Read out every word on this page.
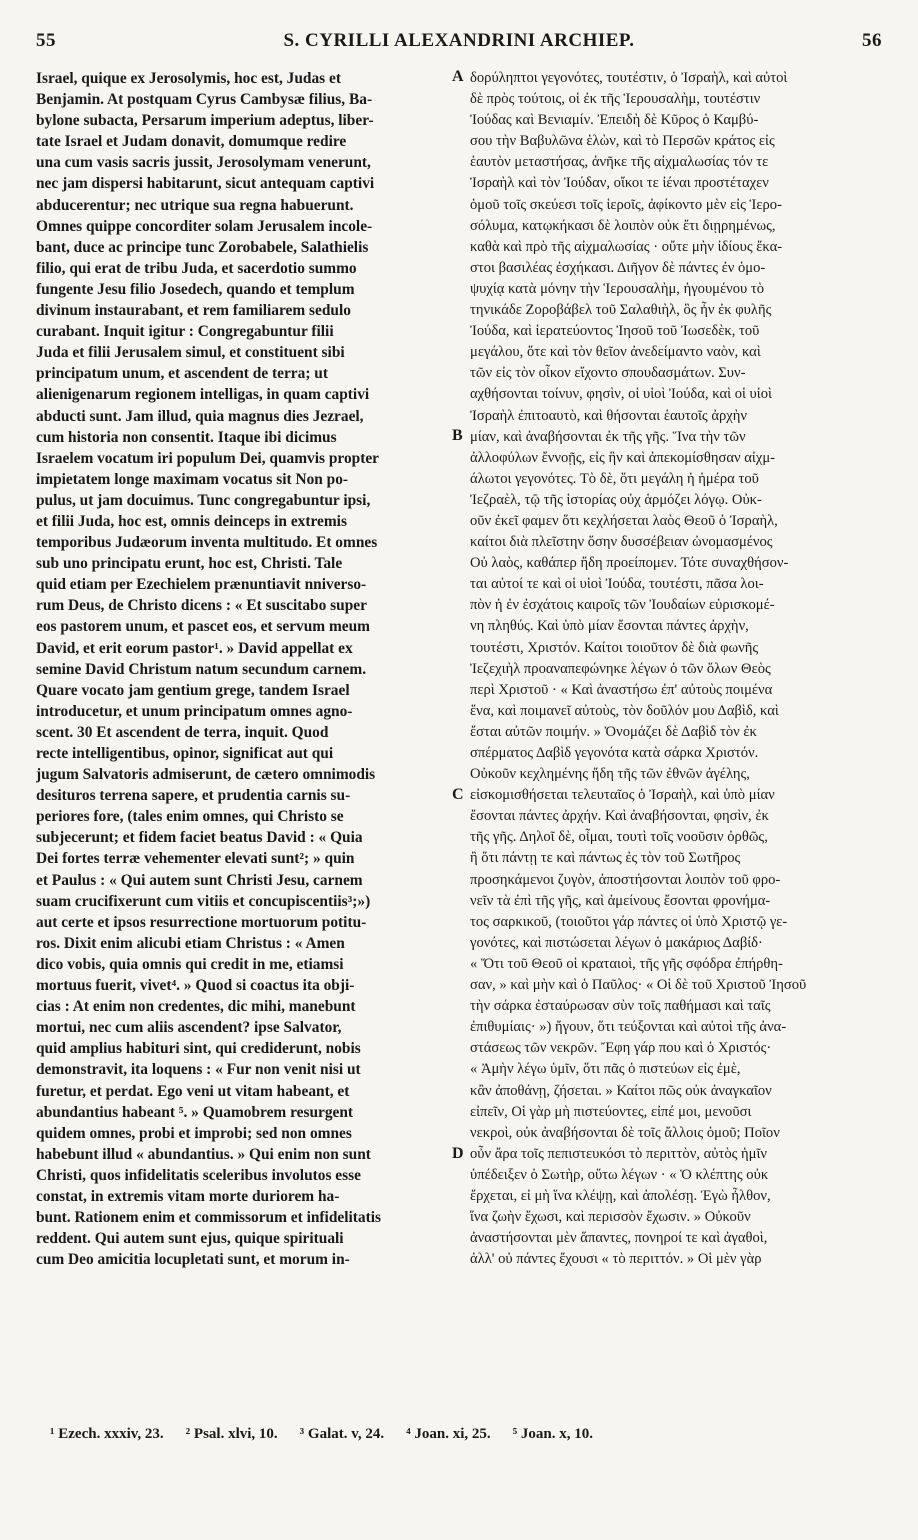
55	S. CYRILLI ALEXANDRINI ARCHIEP.	56
Israel, quique ex Jerosolymis, hoc est, Judas et
Benjamin. At postquam Cyrus Cambysæ filius, Ba-
bylone subacta, Persarum imperium adeptus, liber-
tate Israel et Judam donavit, domumque redire
una cum vasis sacris jussit, Jerosolymam venerunt,
nec jam dispersi habitarunt, sicut antequam captivi
abducerentur; nec utrique sua regna habuerunt.
Omnes quippe concorditer solam Jerusalem incole-
bant, duce ac principe tunc Zorobabele, Salathielis
filio, qui erat de tribu Juda, et sacerdotio summo
fungente Jesu filio Josedech, quando et templum
divinum instaurabant, et rem familiarem sedulo
curabant. Inquit igitur : Congregabuntur filii
Juda et filii Jerusalem simul, et constituent sibi
principatum unum, et ascendent de terra; ut
alienigenarum regionem intelligas, in quam captivi
abducti sunt. Jam illud, quia magnus dies Jezrael,
cum historia non consentit. Itaque ibi dicimus
Israelem vocatum iri populum Dei, quamvis propter
impietatem longe maximam vocatus sit Non po-
pulus, ut jam docuimus. Tunc congregabuntur ipsi,
et filii Juda, hoc est, omnis deinceps in extremis
temporibus Judæorum inventa multitudo. Et omnes
sub uno principatu erunt, hoc est, Christi. Tale
quid etiam per Ezechielem prænuntiavit nniverso-
rum Deus, de Christo dicens : « Et suscitabo super
eos pastorem unum, et pascet eos, et servum meum
David, et erit eorum pastor¹. » David appellat ex
semine David Christum natum secundum carnem.
Quare vocato jam gentium grege, tandem Israel
introducetur, et unum principatum omnes agno-
scent. 30 Et ascendent de terra, inquit. Quod
recte intelligentibus, opinor, significat aut qui
jugum Salvatoris admiserunt, de cætero omnimodis
desituros terrena sapere, et prudentia carnis su-
periores fore, (tales enim omnes, qui Christo se
subjecerunt; et fidem faciet beatus David : « Quia
Dei fortes terræ vehementer elevati sunt²; » quin
et Paulus : « Qui autem sunt Christi Jesu, carnem
suam crucifixerunt cum vitiis et concupiscentiis³;»)
aut certe et ipsos resurrectione mortuorum potitu-
ros. Dixit enim alicubi etiam Christus : « Amen
dico vobis, quia omnis qui credit in me, etiamsi
mortuus fuerit, vivet⁴. » Quod si coactus ita obji-
cias : At enim non credentes, dic mihi, manebunt
mortui, nec cum aliis ascendent? ipse Salvator,
quid amplius habituri sint, qui crediderunt, nobis
demonstravit, ita loquens : « Fur non venit nisi ut
furetur, et perdat. Ego veni ut vitam habeant, et
abundantius habeant ⁵. » Quamobrem resurgent
quidem omnes, probi et improbi; sed non omnes
habebunt illud « abundantius. » Qui enim non sunt
Christi, quos infidelitatis sceleribus involutos esse
constat, in extremis vitam morte duriorem ha-
bunt. Rationem enim et commissorum et infidelitatis
reddent. Qui autem sunt ejus, quique spirituali
cum Deo amicitia locupletati sunt, et morum in-
δορύληπτοι γεγονότες, τουτέστιν, ὁ Ἰσραὴλ, καὶ αὐτοὶ
δὲ πρὸς τούτοις, οἱ ἐκ τῆς Ἱερουσαλὴμ, τουτέστιν
Ἰούδας καὶ Βενιαμίν. Ἐπειδὴ δὲ Κῦρος ὁ Καμβύ-
σου τὴν Βαβυλῶνα ἑλὼν, καὶ τὸ Περσῶν κράτος εἰς
ἑαυτὸν μεταστήσας, ἀνῆκε τῆς αἰχμαλωσίας τόν τε
Ἰσραὴλ καὶ τὸν Ἰούδαν, οἴκοι τε ἰέναι προστέταχεν
ὁμοῦ τοῖς σκεύεσι τοῖς ἱεροῖς, ἀφίκοντο μὲν εἰς Ἱερο-
σόλυμα, κατῳκήκασι δὲ λοιπὸν οὐκ ἔτι διῃρημένως,
καθὰ καὶ πρὸ τῆς αἰχμαλωσίας · οὔτε μὴν ἰδίους ἕκα-
στοι βασιλέας ἐσχήκασι. Διῆγον δὲ πάντες ἐν ὁμο-
ψυχίᾳ κατὰ μόνην τὴν Ἱερουσαλὴμ, ἡγουμένου τὸ
τηνικάδε Ζοροβάβελ τοῦ Σαλαθιὴλ, ὃς ἦν ἐκ φυλῆς
Ἰούδα, καὶ ἱερατεύοντος Ἰησοῦ τοῦ Ἰωσεδὲκ, τοῦ
μεγάλου, ὅτε καὶ τὸν θεῖον ἀνεδείμαντο ναὸν, καὶ
τῶν εἰς τὸν οἶκον εἴχοντο σπουδασμάτων. Συν-
αχθήσονται τοίνυν, φησὶν, οἱ υἱοὶ Ἰούδα, καὶ οἱ υἱοὶ
Ἰσραὴλ ἐπιτοαυτὸ, καὶ θήσονται ἑαυτοῖς ἀρχὴν
μίαν, καὶ ἀναβήσονται ἐκ τῆς γῆς. Ἵνα τὴν τῶν
ἀλλοφύλων ἔννοῇς, εἰς ἣν καὶ ἀπεκομίσθησαν αἰχμ-
άλωτοι γεγονότες. Τὸ δὲ, ὅτι μεγάλη ἡ ἡμέρα τοῦ
Ἰεζραὲλ, τῷ τῆς ἱστορίας οὐχ ἁρμόζει λόγῳ. Οὐκ-
οῦν ἐκεῖ φαμεν ὅτι κεχλήσεται λαὸς Θεοῦ ὁ Ἰσραὴλ,
καίτοι διὰ πλεῖστην ὅσην δυσσέβειαν ὠνομασμένος
Οὐ λαὸς, καθάπερ ἤδη προείπομεν. Τότε συναχθήσον-
ται αὐτοί τε καὶ οἱ υἱοὶ Ἰούδα, τουτέστι, πᾶσα λοι-
πὸν ἡ ἐν ἐσχάτοις καιροῖς τῶν Ἰουδαίων εὑρισκομέ-
νη πληθύς. Καὶ ὑπὸ μίαν ἔσονται πάντες ἀρχὴν,
τουτέστι, Χριστόν. Καίτοι τοιοῦτον δὲ διὰ φωνῆς
Ἰεζεχιὴλ προαναπεφώνηκε λέγων ὁ τῶν ὅλων Θεὸς
περὶ Χριστοῦ · « Καὶ ἀναστήσω ἐπ' αὐτοὺς ποιμένα
ἕνα, καὶ ποιμανεῖ αὐτοὺς, τὸν δοῦλόν μου Δαβὶδ, καὶ
ἔσται αὐτῶν ποιμήν. » Ὀνομάζει δὲ Δαβὶδ τὸν ἐκ
σπέρματος Δαβὶδ γεγονότα κατὰ σάρκα Χριστόν.
Οὐκοῦν κεχλημένης ἤδη τῆς τῶν ἐθνῶν ἀγέλης,
εἰσκομισθήσεται τελευταῖος ὁ Ἰσραὴλ, καὶ ὑπὸ μίαν
ἔσονται πάντες ἀρχήν. Καὶ ἀναβήσονται, φησὶν, ἐκ
τῆς γῆς. Δηλοῖ δὲ, οἶμαι, τουτὶ τοῖς νοοῦσιν ὀρθῶς,
ἢ ὅτι πάντῃ τε καὶ πάντως ἐς τὸν τοῦ Σωτῆρος
προσηκάμενοι ζυγὸν, ἀποστήσονται λοιπὸν τοῦ φρο-
νεῖν τὰ ἐπὶ τῆς γῆς, καὶ ἀμείνους ἔσονται φρονήμα-
τος σαρκικοῦ, (τοιοῦτοι γάρ πάντες οἱ ὑπὸ Χριστῷ γε-
γονότες, καὶ πιστώσεται λέγων ὁ μακάριος Δαβίδ·
« Ὅτι τοῦ Θεοῦ οἱ κραταιοὶ, τῆς γῆς σφόδρα ἐπήρθη-
σαν, » καὶ μὴν καὶ ὁ Παῦλος· « Οἱ δὲ τοῦ Χριστοῦ Ἰησοῦ
τὴν σάρκα ἐσταύρωσαν σὺν τοῖς παθήμασι καὶ ταῖς
ἐπιθυμίαις· ») ἤγουν, ὅτι τεύξονται καὶ αὐτοὶ τῆς ἀνα-
στάσεως τῶν νεκρῶν. Ἔφη γάρ που καὶ ὁ Χριστός·
« Ἀμὴν λέγω ὑμῖν, ὅτι πᾶς ὁ πιστεύων εἰς ἐμὲ,
κἂν ἀποθάνῃ, ζήσεται. » Καίτοι πῶς οὐκ ἀναγκαῖον
εἰπεῖν, Οἱ γὰρ μὴ πιστεύοντες, εἰπέ μοι, μενοῦσι
νεκροὶ, οὐκ ἀναβήσονται δὲ τοῖς ἄλλοις ὁμοῦ; Ποῖον
οὖν ἄρα τοῖς πεπιστευκόσι τὸ περιττὸν, αὐτὸς ἡμῖν
ὑπέδειξεν ὁ Σωτὴρ, οὕτω λέγων · « Ὁ κλέπτης οὐκ
ἔρχεται, εἰ μὴ ἵνα κλέψῃ, καὶ ἀπολέσῃ. Ἐγὼ ἦλθον,
ἵνα ζωὴν ἔχωσι, καὶ περισσὸν ἔχωσιν. » Οὐκοῦν
ἀναστήσονται μὲν ἅπαντες, πονηροί τε καὶ ἀγαθοὶ,
ἀλλ' οὐ πάντες ἔχουσι « τὸ περιττόν. » Οἱ μὲν γὰρ
A
B
C
D
¹ Ezech. xxxiv, 23. ² Psal. xlvi, 10. ³ Galat. v, 24. ⁴ Joan. xi, 25. ⁵ Joan. x, 10.
